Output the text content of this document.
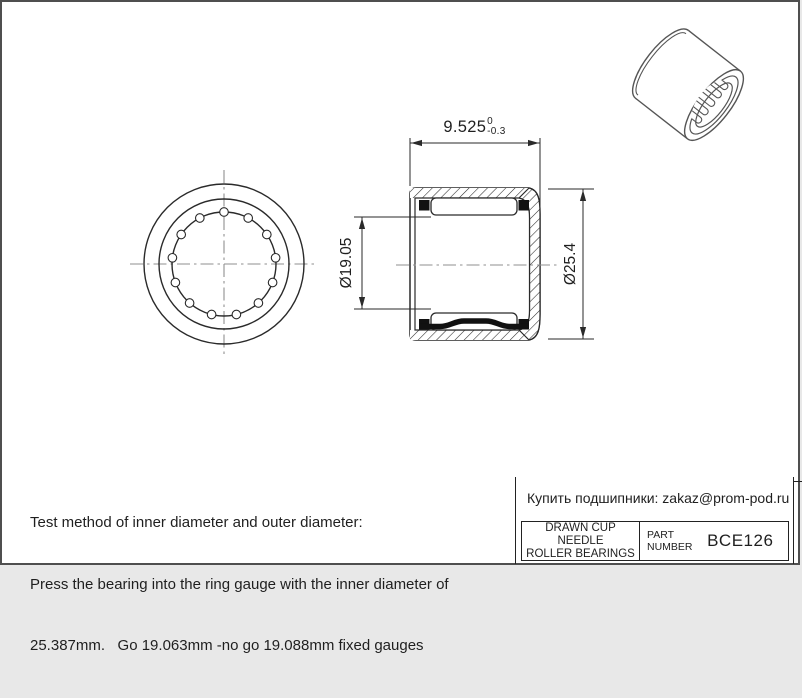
9.525 0
-0.3
Ø19.05	Ø25.4

Test method of inner diameter and outer diameter:

Press the bearing into the ring gauge with the inner diameter of

25.387mm.   Go 19.063mm -no go 19.088mm fixed gauges

Купить подшипники: zakaz@prom-pod.ru
DRAWN CUP NEEDLE
ROLLER BEARINGS
PART
NUMBER BCE126
